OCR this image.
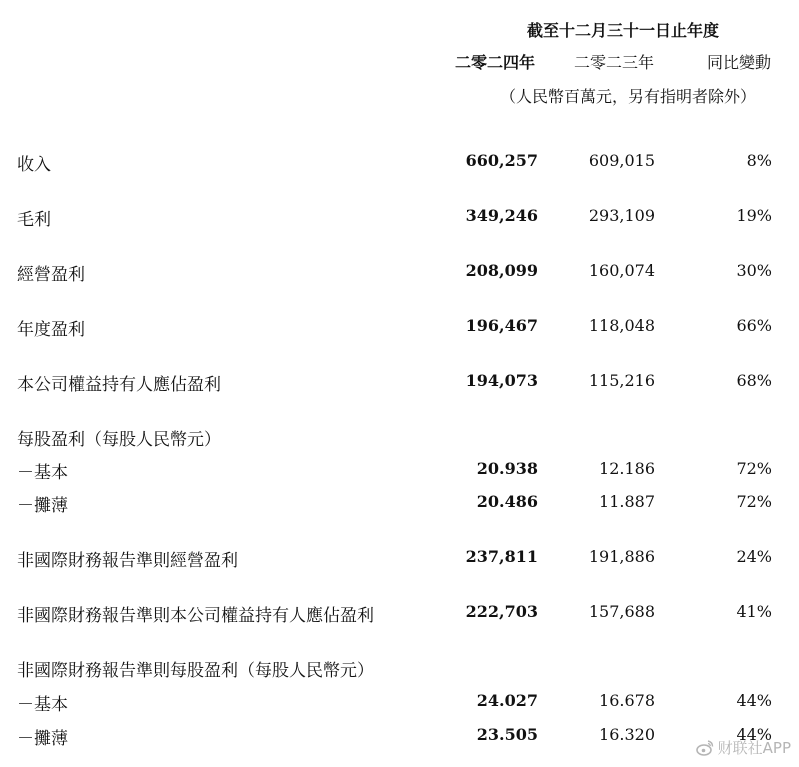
截至十二月三十一日止年度
二零二四年 二零二三年	同比變動
（人民幣百萬元，另有指明者除外）
收入	660,257	609,015	8%
毛利	349,246	293,109	19%
經營盈利	208,099	160,074	30%
年度盈利	196,467	118,048	66%
本公司權益持有人應佔盈利	194,073	115,216	68%
每股盈利（每股人民幣元）
－基本	20.938	12.186	72%
－攤薄	20.486	11.887	72%
非國際財務報告準則經營盈利	237,811	191,886	24%
非國際財務報告準則本公司權益持有人應佔盈利	222,703	157,688	41%
非國際財務報告準則每股盈利（每股人民幣元）
－基本	24.027	16.678	44%
－攤薄	23.505	16.320	44%
财联社APP
